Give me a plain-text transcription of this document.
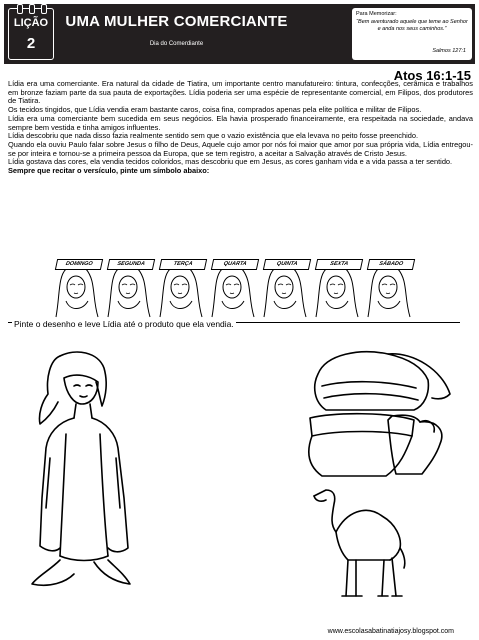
LIÇÃO
2
UMA MULHER COMERCIANTE
Dia do Comerdiante
Para Memorizar:
“Bem aventurado aquele que teme ao Senhor e anda nos seus caminhos.”
Salmos 127:1
Atos 16:1-15

Lídia era uma comerciante. Era natural da cidade de Tiatira, um importante centro manufatureiro: tintura, confecções, cerâmica e trabalhos em bronze faziam parte da sua pauta de exportações. Lídia poderia ser uma espécie de representante comercial, em Filipos, dos produtores de Tiatira.

Os tecidos tingidos, que Lídia vendia eram bastante caros, coisa fina, comprados apenas pela elite política e militar de Filipos.

Lídia era uma comerciante bem sucedida em seus negócios. Ela havia prosperado financeiramente, era respeitada na sociedade, andava sempre bem vestida e tinha amigos influentes.

Lídia descobriu que nada disso fazia realmente sentido sem que o vazio existência que ela levava no peito fosse preenchido.

Quando ela ouviu Paulo falar sobre Jesus o filho de Deus, Aquele cujo amor por nós foi maior que amor por sua própria vida, Lídia entregou-se por inteira e tornou-se a primeira pessoa da Europa, que se tem registro, a aceitar a Salvação através de Cristo Jesus.

Lídia gostava das cores, ela vendia tecidos coloridos, mas descobriu que em Jesus, as cores ganham vida e a vida passa a ter sentido.

Sempre que recitar o versículo, pinte um símbolo abaixo:

DOMINGO	SEGUNDA	TERÇA	QUARTA	QUINTA	SEXTA	SÁBADO
Pinte o desenho e leve Lídia até o produto que ela vendia.
www.escolasabatinatiajosy.blogspot.com
